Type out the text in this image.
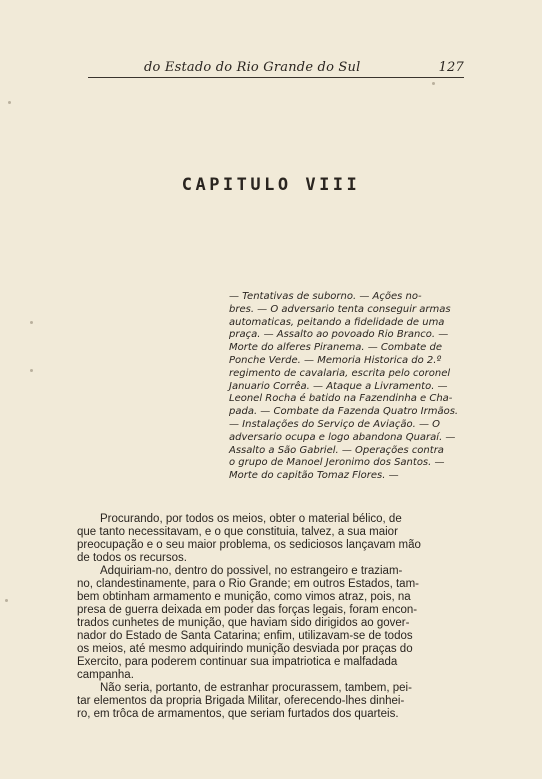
do Estado do Rio Grande do Sul	127
CAPITULO VIII
— Tentativas de suborno. — Ações no-
bres. — O adversario tenta conseguir armas
automaticas, peitando a fidelidade de uma
praça. — Assalto ao povoado Rio Branco. —
Morte do alferes Piranema. — Combate de
Ponche Verde. — Memoria Historica do 2.º
regimento de cavalaria, escrita pelo coronel
Januario Corrêa. — Ataque a Livramento. —
Leonel Rocha é batido na Fazendinha e Cha-
pada. — Combate da Fazenda Quatro Irmãos.
— Instalações do Serviço de Aviação. — O
adversario ocupa e logo abandona Quaraí. —
Assalto a São Gabriel. — Operações contra
o grupo de Manoel Jeronimo dos Santos. —
Morte do capitão Tomaz Flores. —
Procurando, por todos os meios, obter o material bélico, de
que tanto necessitavam, e o que constituia, talvez, a sua maior
preocupação e o seu maior problema, os sediciosos lançavam mão
de todos os recursos.
Adquiriam-no, dentro do possivel, no estrangeiro e traziam-
no, clandestinamente, para o Rio Grande; em outros Estados, tam-
bem obtinham armamento e munição, como vimos atraz, pois, na
presa de guerra deixada em poder das forças legais, foram encon-
trados cunhetes de munição, que haviam sido dirigidos ao gover-
nador do Estado de Santa Catarina; enfim, utilizavam-se de todos
os meios, até mesmo adquirindo munição desviada por praças do
Exercito, para poderem continuar sua impatriotica e malfadada
campanha.
Não seria, portanto, de estranhar procurassem, tambem, pei-
tar elementos da propria Brigada Militar, oferecendo-lhes dinhei-
ro, em trôca de armamentos, que seriam furtados dos quarteis.
